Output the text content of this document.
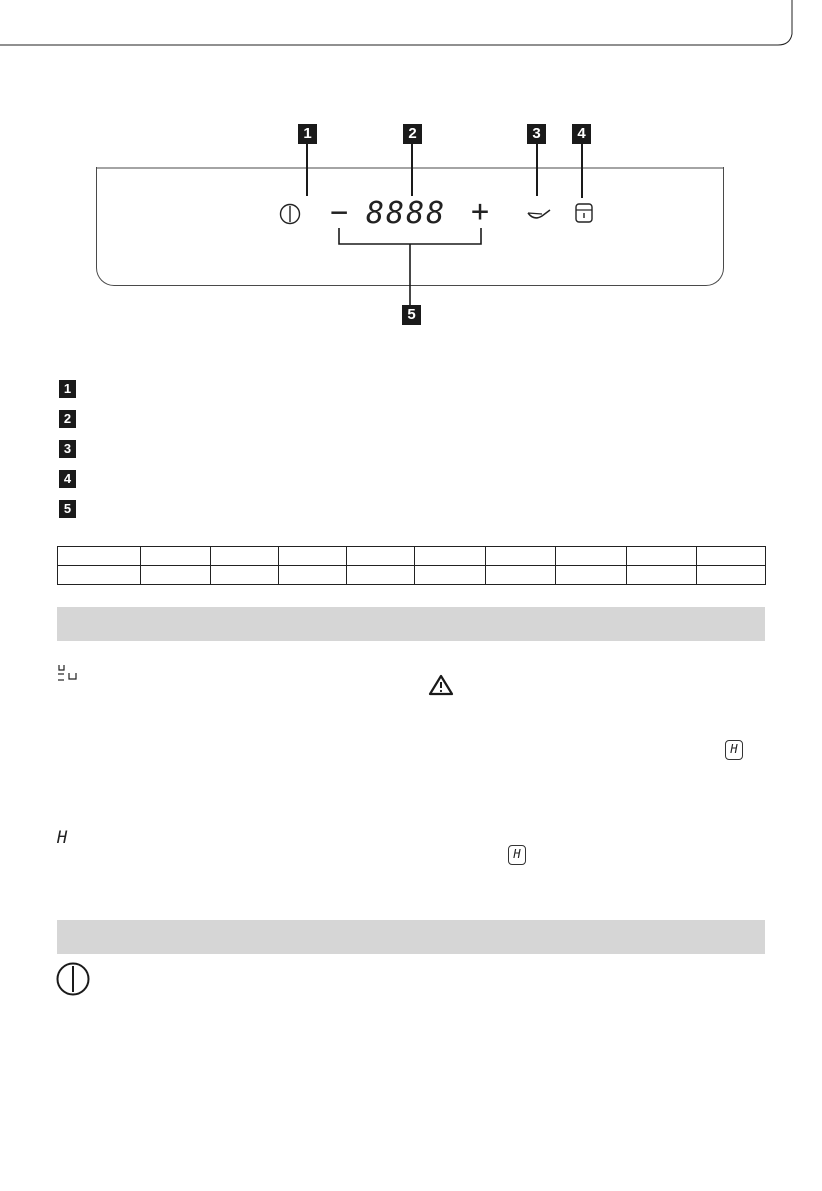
1	2	3	4
5
− 8888 +
1
2
3
4
5

H
H
H
